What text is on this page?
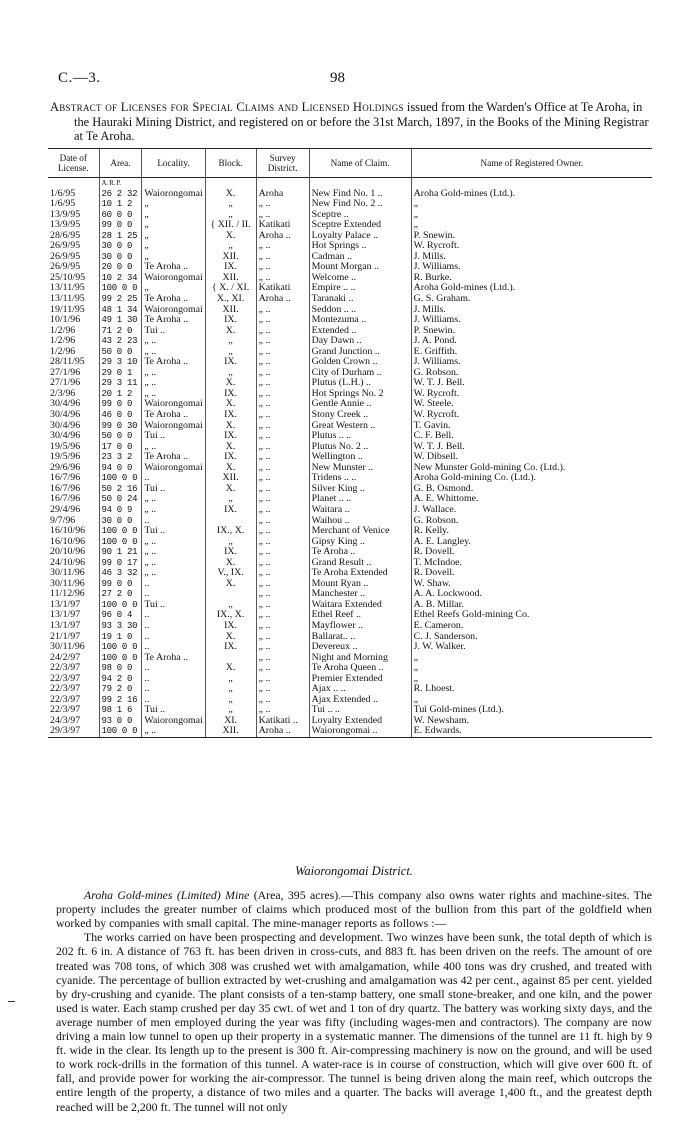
C.—3.	98

Abstract of Licenses for Special Claims and Licensed Holdings issued from the Warden's Office at Te Aroha, in the Hauraki Mining District, and registered on or before the 31st March, 1897, in the Books of the Mining Registrar at Te Aroha.

Date of License.	Area.	Locality.	Block.	Survey District.	Name of Claim.	Name of Registered Owner.
	A. R. P.					
1/6/95	26 2 32	Waiorongomai	X.	Aroha	New Find No. 1 ..	Aroha Gold-mines (Ltd.).
1/6/95	10 1 2	„	„	„ ..	New Find No. 2 ..	„
13/9/95	60 0 0	„	„	„ ..	Sceptre ..	„
13/9/95	99 0 0	„	{ XII. / II.	Katikati	Sceptre Extended	„
28/6/95	28 1 25	„	X.	Aroha ..	Loyalty Palace ..	P. Snewin.
26/9/95	30 0 0	„	„	„ ..	Hot Springs ..	W. Rycroft.
26/9/95	30 0 0	„	XII.	„ ..	Cadman ..	J. Mills.
26/9/95	20 0 0	Te Aroha ..	IX.	„ ..	Mount Morgan ..	J. Williams.
25/10/95	10 2 34	Waiorongomai	XII.	„ ..	Welcome ..	R. Burke.
13/11/95	100 0 0	„	{ X. / XI.	Katikati	Empire .. ..	Aroha Gold-mines (Ltd.).
13/11/95	99 2 25	Te Aroha ..	X., XI.	Aroha ..	Taranaki ..	G. S. Graham.
19/11/95	48 1 34	Waiorongomai	XII.	„ ..	Seddon .. ..	J. Mills.
10/1/96	49 1 30	Te Aroha ..	IX.	„ ..	Montezuma ..	J. Williams.
1/2/96	71 2 0	Tui ..	X.	„ ..	Extended ..	P. Snewin.
1/2/96	43 2 23	„ ..	„	„ ..	Day Dawn ..	J. A. Pond.
1/2/96	50 0 0	„ ..	„	„ ..	Grand Junction ..	E. Griffith.
28/11/95	29 3 10	Te Aroha ..	IX.	„ ..	Golden Crown ..	J. Williams.
27/1/96	29 0 1	„ ..	„	„ ..	City of Durham ..	G. Robson.
27/1/96	29 3 11	„ ..	X.	„ ..	Plutus (L.H.) ..	W. T. J. Bell.
2/3/96	20 1 2	„ ..	IX.	„ ..	Hot Springs No. 2	W. Rycroft.
30/4/96	99 0 0	Waiorongomai	X.	„ ..	Gentle Annie ..	W. Steele.
30/4/96	46 0 0	Te Aroha ..	IX.	„ ..	Stony Creek ..	W. Rycroft.
30/4/96	99 0 30	Waiorongomai	X.	„ ..	Great Western ..	T. Gavin.
30/4/96	50 0 0	Tui ..	IX.	„ ..	Plutus .. ..	C. F. Bell.
19/5/96	17 0 0	„ ..	X.	„ ..	Plutus No. 2 ..	W. T. J. Bell.
19/5/96	23 3 2	Te Aroha ..	IX.	„ ..	Wellington ..	W. Dibsell.
29/6/96	94 0 0	Waiorongomai	X.	„ ..	New Munster ..	New Munster Gold-mining Co. (Ltd.).
16/7/96	100 0 0	..	XII.	„ ..	Tridens .. ..	Aroha Gold-mining Co. (Ltd.).
16/7/96	50 2 16	Tui ..	X.	„ ..	Silver King ..	G. B. Osmond.
16/7/96	50 0 24	„ ..	„	„ ..	Planet .. ..	A. E. Whittome.
29/4/96	94 0 9	„ ..	IX.	„ ..	Waitara ..	J. Wallace.
9/7/96	30 0 0	..		„ ..	Waihou ..	G. Robson.
16/10/96	100 0 0	Tui ..	IX., X.	„ ..	Merchant of Venice	R. Kelly.
16/10/96	100 0 0	„ ..	„	„ ..	Gipsy King ..	A. E. Langley.
20/10/96	90 1 21	„ ..	IX.	„ ..	Te Aroha ..	R. Dovell.
24/10/96	99 0 17	„ ..	X.	„ ..	Grand Result ..	T. McIndoe.
30/11/96	46 3 32	„ ..	V., IX.	„ ..	Te Aroha Extended	R. Dovell.
30/11/96	99 0 0	..	X.	„ ..	Mount Ryan ..	W. Shaw.
11/12/96	27 2 0	..		„ ..	Manchester ..	A. A. Lockwood.
13/1/97	100 0 0	Tui ..	„	„ ..	Waitara Extended	A. B. Millar.
13/1/97	96 0 4	..	IX., X.	„ ..	Ethel Reef ..	Ethel Reefs Gold-mining Co.
13/1/97	93 3 30	..	IX.	„ ..	Mayflower ..	E. Cameron.
21/1/97	19 1 0	..	X.	„ ..	Ballarat.. ..	C. J. Sanderson.
30/11/96	100 0 0	..	IX.	„ ..	Devereux ..	J. W. Walker.
24/2/97	100 0 0	Te Aroha ..		„ ..	Night and Morning	„
22/3/97	98 0 0	..	X.	„ ..	Te Aroha Queen ..	„
22/3/97	94 2 0	..	„	„ ..	Premier Extended	„
22/3/97	79 2 0	..	„	„ ..	Ajax .. ..	R. Lhoest.
22/3/97	99 2 16	..	„	„ ..	Ajax Extended ..	„
22/3/97	98 1 6	Tui ..	„	„ ..	Tui .. ..	Tui Gold-mines (Ltd.).
24/3/97	93 0 0	Waiorongomai	XI.	Katikati ..	Loyalty Extended	W. Newsham.
29/3/97	100 0 0	„ ..	XII.	Aroha ..	Waiorongomai ..	E. Edwards.
Waiorongomai District.

Aroha Gold-mines (Limited) Mine (Area, 395 acres).—This company also owns water rights and machine-sites. The property includes the greater number of claims which produced most of the bullion from this part of the goldfield when worked by companies with small capital. The mine-manager reports as follows :—

The works carried on have been prospecting and development. Two winzes have been sunk, the total depth of which is 202 ft. 6 in. A distance of 763 ft. has been driven in cross-cuts, and 883 ft. has been driven on the reefs. The amount of ore treated was 708 tons, of which 308 was crushed wet with amalgamation, while 400 tons was dry crushed, and treated with cyanide. The percentage of bullion extracted by wet-crushing and amalgamation was 42 per cent., against 85 per cent. yielded by dry-crushing and cyanide. The plant consists of a ten-stamp battery, one small stone-breaker, and one kiln, and the power used is water. Each stamp crushed per day 35 cwt. of wet and 1 ton of dry quartz. The battery was working sixty days, and the average number of men employed during the year was fifty (including wages-men and contractors). The company are now driving a main low tunnel to open up their property in a systematic manner. The dimensions of the tunnel are 11 ft. high by 9 ft. wide in the clear. Its length up to the present is 300 ft. Air-compressing machinery is now on the ground, and will be used to work rock-drills in the formation of this tunnel. A water-race is in course of construction, which will give over 600 ft. of fall, and provide power for working the air-compressor. The tunnel is being driven along the main reef, which outcrops the entire length of the property, a distance of two miles and a quarter. The backs will average 1,400 ft., and the greatest depth reached will be 2,200 ft. The tunnel will not only
